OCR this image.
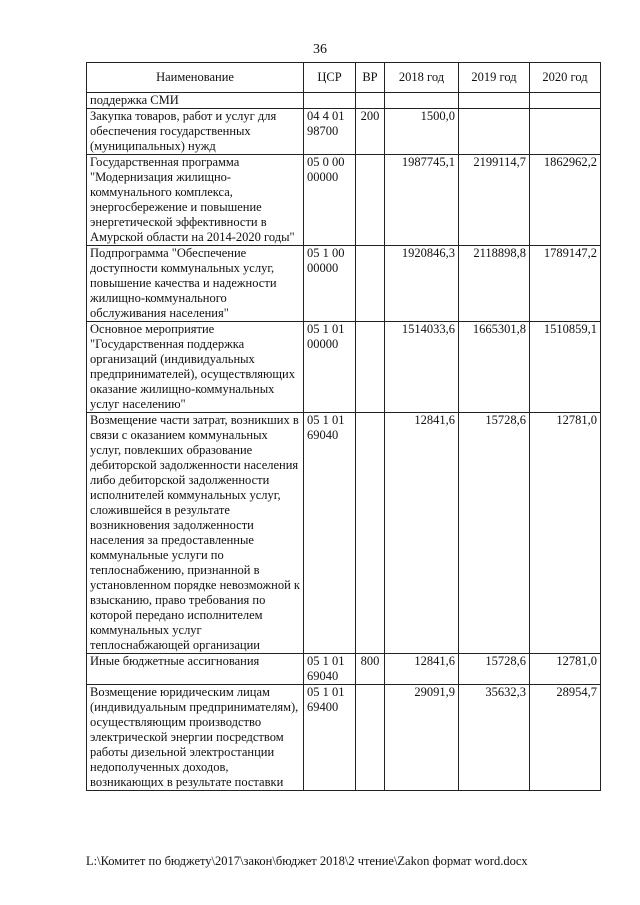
36
Наименование	ЦСР	ВР	2018 год	2019 год	2020 год
поддержка СМИ					
Закупка товаров, работ и услуг для обеспечения государственных (муниципальных) нужд	04 4 01 98700	200	1500,0		
Государственная программа "Модернизация жилищно-коммунального комплекса, энергосбережение и повышение энергетической эффективности в Амурской области на 2014-2020 годы"	05 0 00 00000		1987745,1	2199114,7	1862962,2
Подпрограмма "Обеспечение доступности коммунальных услуг, повышение качества и надежности жилищно-коммунального обслуживания населения"	05 1 00 00000		1920846,3	2118898,8	1789147,2
Основное мероприятие "Государственная поддержка организаций (индивидуальных предпринимателей), осуществляющих оказание жилищно-коммунальных услуг населению"	05 1 01 00000		1514033,6	1665301,8	1510859,1
Возмещение части затрат, возникших в связи с оказанием коммунальных услуг, повлекших образование дебиторской задолженности населения либо дебиторской задолженности исполнителей коммунальных услуг, сложившейся в результате возникновения задолженности населения за предоставленные коммунальные услуги по теплоснабжению, признанной в установленном порядке невозможной к взысканию, право требования по которой передано исполнителем коммунальных услуг теплоснабжающей организации	05 1 01 69040		12841,6	15728,6	12781,0
Иные бюджетные ассигнования	05 1 01 69040	800	12841,6	15728,6	12781,0
Возмещение юридическим лицам (индивидуальным предпринимателям), осуществляющим производство электрической энергии посредством работы дизельной электростанции недополученных доходов, возникающих в результате поставки	05 1 01 69400		29091,9	35632,3	28954,7
L:\Комитет по бюджету\2017\закон\бюджет 2018\2 чтение\Zakon формат word.docx
